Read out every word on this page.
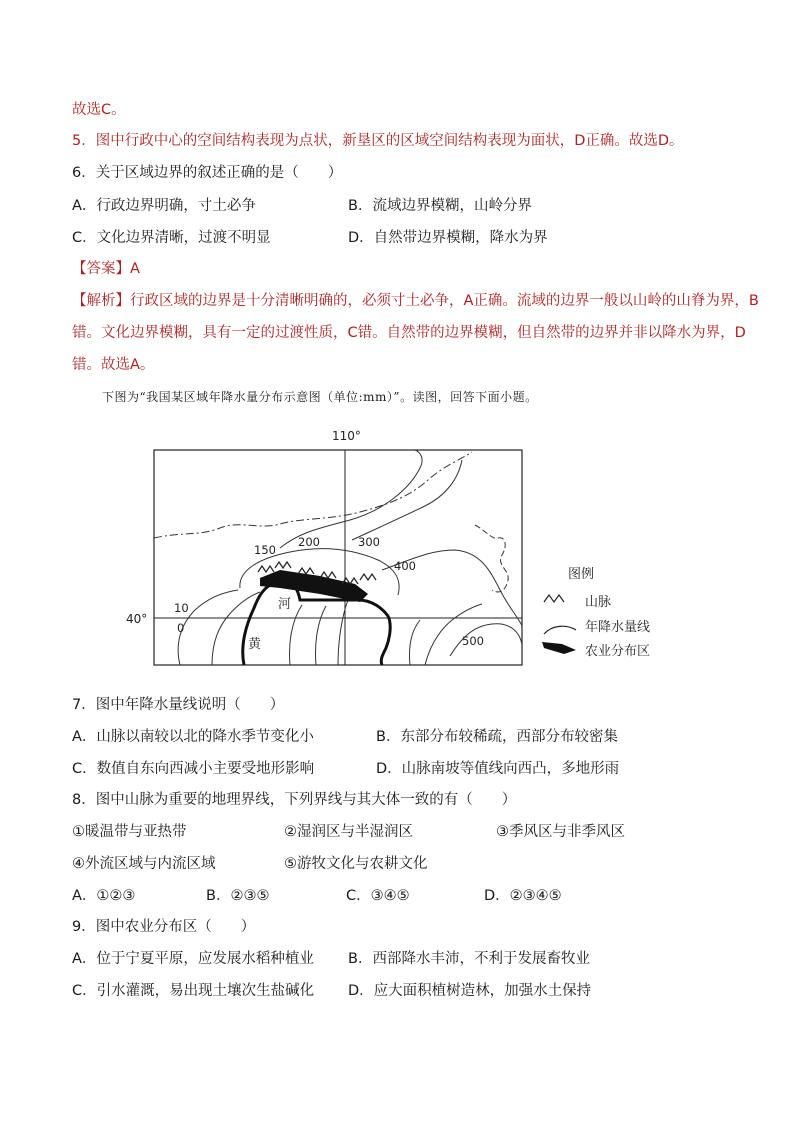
故选C。
5．图中行政中心的空间结构表现为点状，新垦区的区域空间结构表现为面状，D正确。故选D。
6．关于区域边界的叙述正确的是（　　）
A．行政边界明确，寸土必争	B．流域边界模糊，山岭分界
C．文化边界清晰，过渡不明显	D．自然带边界模糊，降水为界
【答案】A
【解析】行政区域的边界是十分清晰明确的，必须寸土必争，A正确。流域的边界一般以山岭的山脊为界，B
错。文化边界模糊，具有一定的过渡性质，C错。自然带的边界模糊，但自然带的边界并非以降水为界，D
错。故选A。
下图为“我国某区域年降水量分布示意图（单位:mm）”。读图，回答下面小题。
110°
40°
150
200	300
400
500
10
0
河
黄
图例
山脉
年降水量线
农业分布区
7．图中年降水量线说明（　　）
A．山脉以南较以北的降水季节变化小	B．东部分布较稀疏，西部分布较密集
C．数值自东向西减小主要受地形影响	D．山脉南坡等值线向西凸，多地形雨
8．图中山脉为重要的地理界线，下列界线与其大体一致的有（　　）
①暖温带与亚热带	②湿润区与半湿润区	③季风区与非季风区
④外流区域与内流区域	⑤游牧文化与农耕文化
A．①②③	B．②③⑤	C．③④⑤	D．②③④⑤
9．图中农业分布区（　　）
A．位于宁夏平原，应发展水稻种植业 B．西部降水丰沛，不利于发展畜牧业
C．引水灌溉，易出现土壤次生盐碱化 D．应大面积植树造林，加强水土保持
